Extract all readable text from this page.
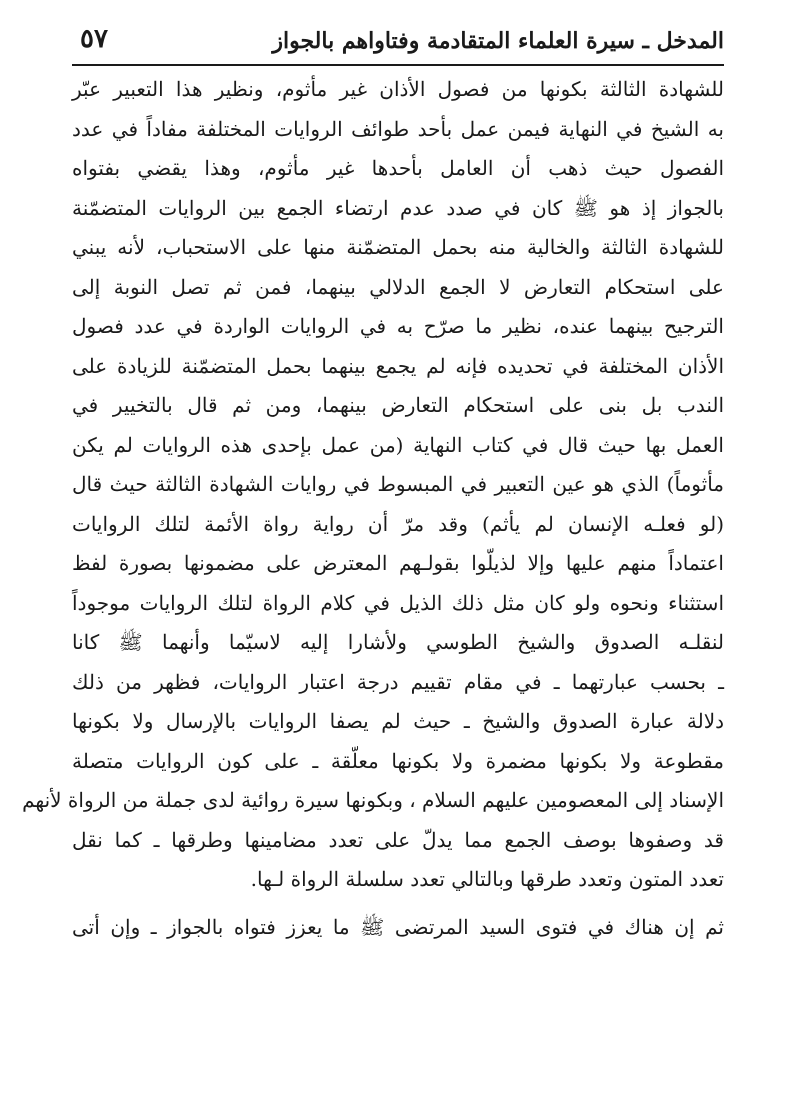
المدخل ـ سيرة العلماء المتقادمة وفتاواهم بالجواز
٥٧
للشهادة الثالثة بكونها من فصول الأذان غير مأثوم، ونظير هذا التعبير عبّر
به الشيخ في النهاية فيمن عمل بأحد طوائف الروايات المختلفة مفاداً في عدد
الفصول حيث ذهب أن العامل بأحدها غير مأثوم، وهذا يقضي بفتواه
بالجواز إذ هو ﷺ كان في صدد عدم ارتضاء الجمع بين الروايات المتضمّنة
للشهادة الثالثة والخالية منه بحمل المتضمّنة منها على الاستحباب، لأنه يبني
على استحكام التعارض لا الجمع الدلالي بينهما، فمن ثم تصل النوبة إلى
الترجيح بينهما عنده، نظير ما صرّح به في الروايات الواردة في عدد فصول
الأذان المختلفة في تحديده فإنه لم يجمع بينهما بحمل المتضمّنة للزيادة على
الندب بل بنى على استحكام التعارض بينهما، ومن ثم قال بالتخيير في
العمل بها حيث قال في كتاب النهاية (من عمل بإحدى هذه الروايات لم يكن
مأثوماً) الذي هو عين التعبير في المبسوط في روايات الشهادة الثالثة حيث قال
(لو فعلـه الإنسان لم يأثم) وقد مرّ أن رواية رواة الأئمة لتلك الروايات
اعتماداً منهم عليها وإلا لذيلّوا بقولـهم المعترض على مضمونها بصورة لفظ
استثناء ونحوه ولو كان مثل ذلك الذيل في كلام الرواة لتلك الروايات موجوداً
لنقلـه الصدوق والشيخ الطوسي ولأشارا إليه لاسيّما وأنهما ﷺ كانا
ـ بحسب عبارتهما ـ في مقام تقييم درجة اعتبار الروايات، فظهر من ذلك
دلالة عبارة الصدوق والشيخ ـ حيث لم يصفا الروايات بالإرسال ولا بكونها
مقطوعة ولا بكونها مضمرة ولا بكونها معلّقة ـ على كون الروايات متصلة
الإسناد إلى المعصومين عليهم السلام ، وبكونها سيرة روائية لدى جملة من الرواة لأنهم
قد وصفوها بوصف الجمع مما يدلّ على تعدد مضامينها وطرقها ـ كما نقل
تعدد المتون وتعدد طرقها وبالتالي تعدد سلسلة الرواة لـها.
ثم إن هناك في فتوى السيد المرتضى ﷺ ما يعزز فتواه بالجواز ـ وإن أتى
